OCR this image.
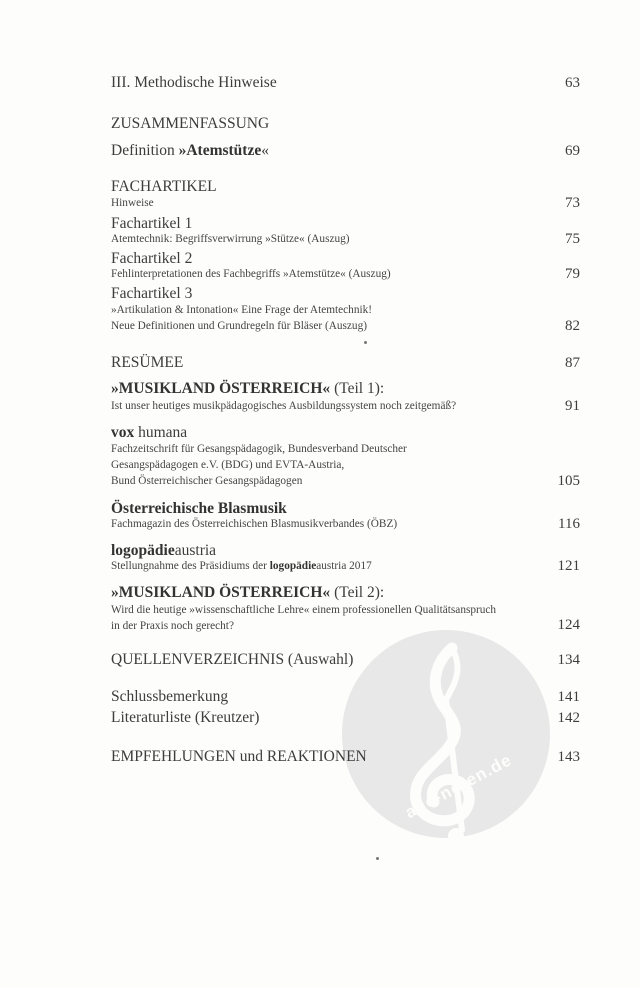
alle-noten.de
III. Methodische Hinweise	63
ZUSAMMENFASSUNG
Definition »Atemstütze«	69
FACHARTIKEL
Hinweise	73
Fachartikel 1
Atemtechnik: Begriffsverwirrung »Stütze« (Auszug)	75
Fachartikel 2
Fehlinterpretationen des Fachbegriffs »Atemstütze« (Auszug)	79
Fachartikel 3
»Artikulation & Intonation« Eine Frage der Atemtechnik!
Neue Definitionen und Grundregeln für Bläser (Auszug)	82
RESÜMEE	87
»MUSIKLAND ÖSTERREICH« (Teil 1):
Ist unser heutiges musikpädagogisches Ausbildungssystem noch zeitgemäß?	91
vox humana
Fachzeitschrift für Gesangspädagogik, Bundesverband Deutscher
Gesangspädagogen e.V. (BDG) und EVTA-Austria,
Bund Österreichischer Gesangspädagogen	105
Österreichische Blasmusik
Fachmagazin des Österreichischen Blasmusikverbandes (ÖBZ)	116
logopädieaustria
Stellungnahme des Präsidiums der logopädieaustria 2017	121
»MUSIKLAND ÖSTERREICH« (Teil 2):
Wird die heutige »wissenschaftliche Lehre« einem professionellen Qualitätsanspruch
in der Praxis noch gerecht?	124
QUELLENVERZEICHNIS (Auswahl)	134
Schlussbemerkung	141
Literaturliste (Kreutzer)	142
EMPFEHLUNGEN und REAKTIONEN	143
